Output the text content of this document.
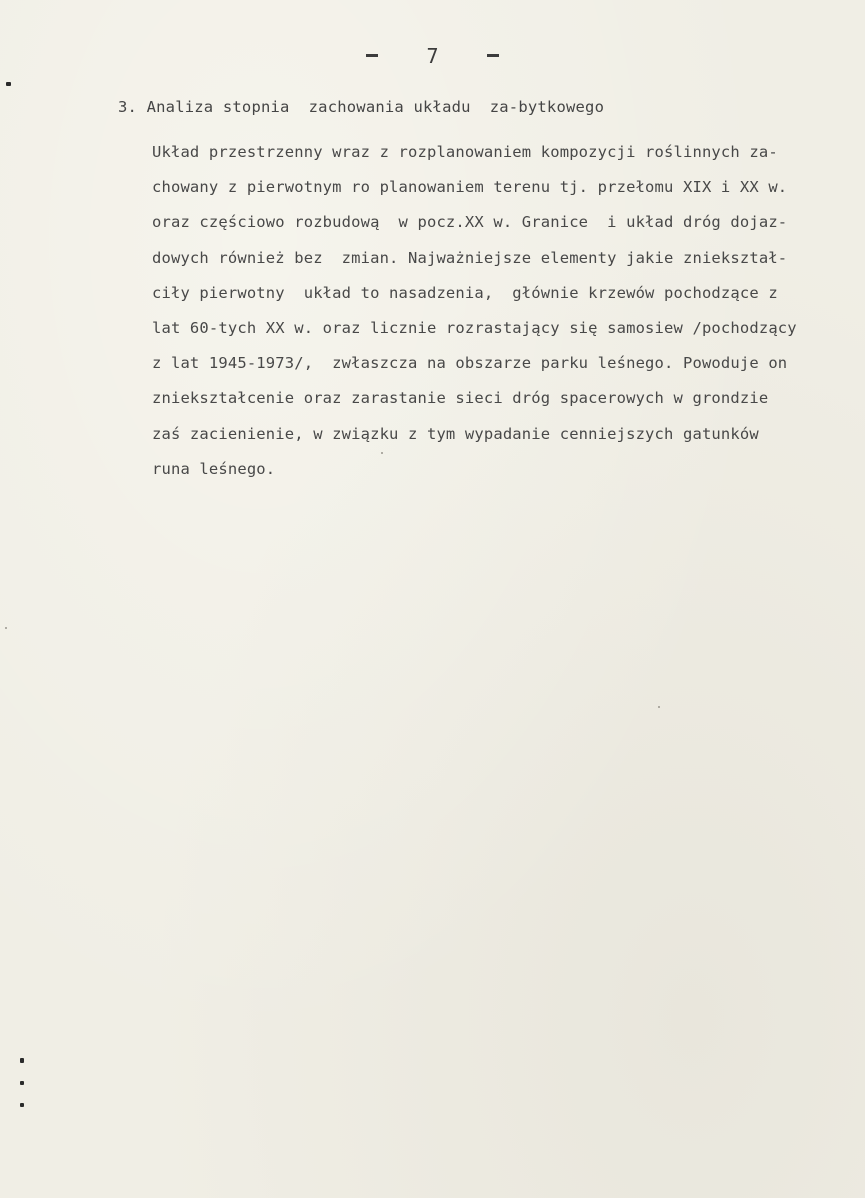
7
3. Analiza stopnia  zachowania układu  za-bytkowego
Układ przestrzenny wraz z rozplanowaniem kompozycji roślinnych za-
chowany z pierwotnym ro planowaniem terenu tj. przełomu XIX i XX w.
oraz częściowo rozbudową  w pocz.XX w. Granice  i układ dróg dojaz-
dowych również bez  zmian. Najważniejsze elementy jakie zniekształ-
ciły pierwotny  układ to nasadzenia,  głównie krzewów pochodzące z
lat 60-tych XX w. oraz licznie rozrastający się samosiew /pochodzący
z lat 1945-1973/,  zwłaszcza na obszarze parku leśnego. Powoduje on
zniekształcenie oraz zarastanie sieci dróg spacerowych w grondzie
zaś zacienienie, w związku z tym wypadanie cenniejszych gatunków
runa leśnego.
